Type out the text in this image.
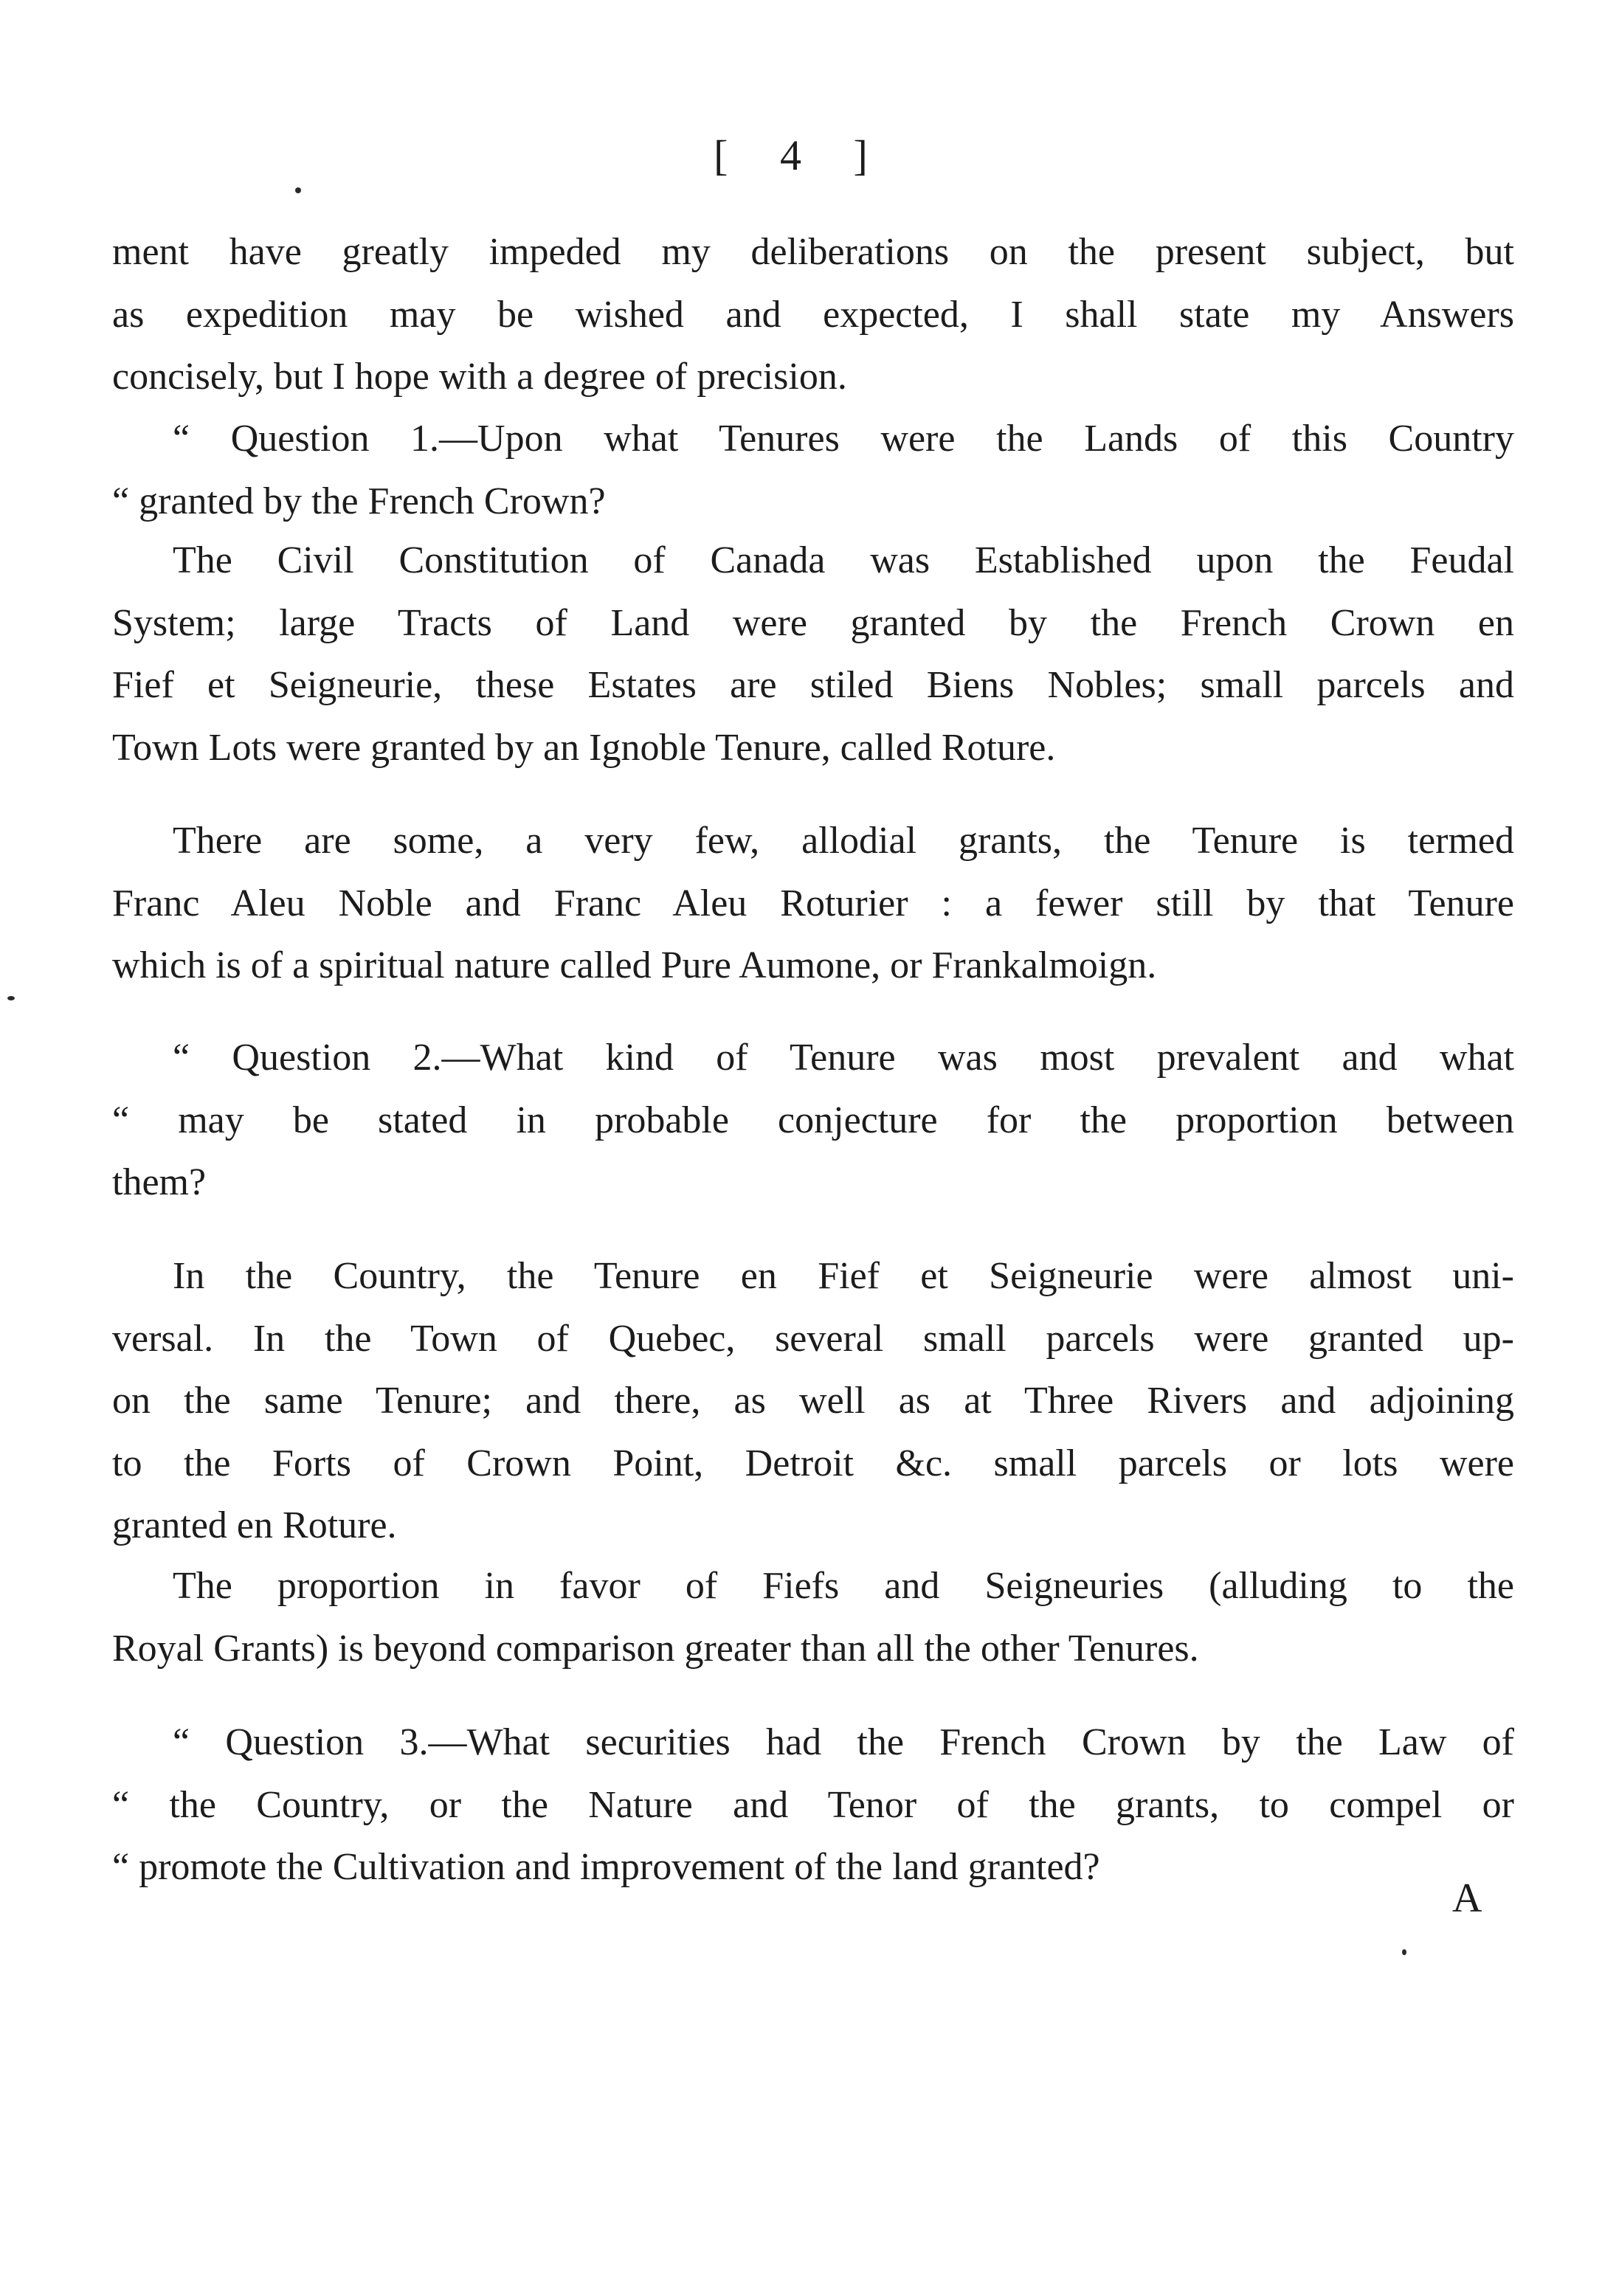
[ 4 ]
ment have greatly impeded my deliberations on the present subject, but
as expedition may be wished and expected, I shall state my Answers
concisely, but I hope with a degree of precision.
“ Question 1.—Upon what Tenures were the Lands of this Country
“ granted by the French Crown?
The Civil Constitution of Canada was Established upon the Feudal
System; large Tracts of Land were granted by the French Crown en
Fief et Seigneurie, these Estates are stiled Biens Nobles; small parcels and
Town Lots were granted by an Ignoble Tenure, called Roture.
There are some, a very few, allodial grants, the Tenure is termed
Franc Aleu Noble and Franc Aleu Roturier : a fewer still by that Tenure
which is of a spiritual nature called Pure Aumone, or Frankalmoign.
“ Question 2.—What kind of Tenure was most prevalent and what
“ may be stated in probable conjecture for the proportion between
them?
In the Country, the Tenure en Fief et Seigneurie were almost uni-
versal. In the Town of Quebec, several small parcels were granted up-
on the same Tenure; and there, as well as at Three Rivers and adjoining
to the Forts of Crown Point, Detroit &c. small parcels or lots were
granted en Roture.
The proportion in favor of Fiefs and Seigneuries (alluding to the
Royal Grants) is beyond comparison greater than all the other Tenures.
“ Question 3.—What securities had the French Crown by the Law of
“ the Country, or the Nature and Tenor of the grants, to compel or
“ promote the Cultivation and improvement of the land granted?
A
